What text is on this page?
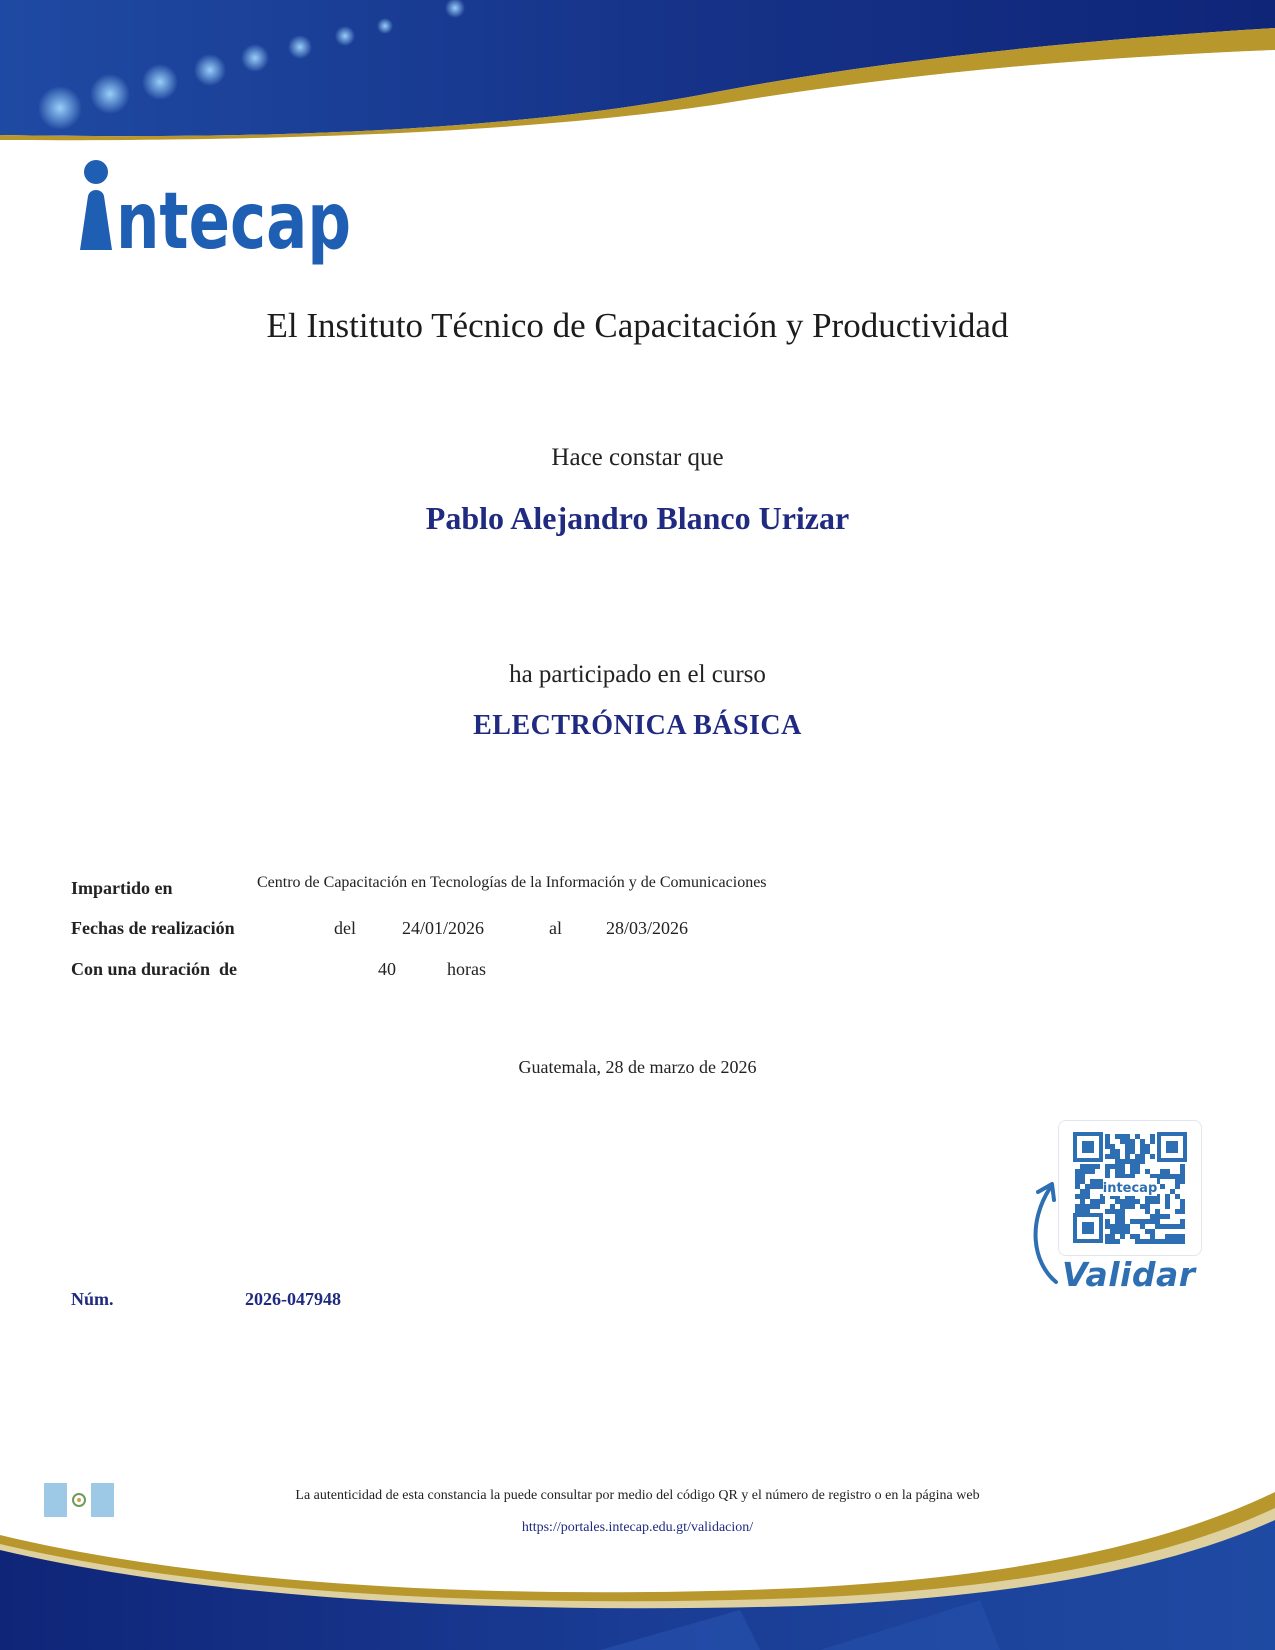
ntecap
El Instituto Técnico de Capacitación y Productividad
Hace constar que
Pablo Alejandro Blanco Urizar
ha participado en el curso
ELECTRÓNICA BÁSICA
Impartido en	Centro de Capacitación en Tecnologías de la Información y de Comunicaciones
Fechas de realización	del	24/01/2026	al 28/03/2026
Con una duración  de	40	horas
Guatemala, 28 de marzo de 2026
intecap
Validar
Núm.	2026-047948
La autenticidad de esta constancia la puede consultar por medio del código QR y el número de registro o en la página web
https://portales.intecap.edu.gt/validacion/
